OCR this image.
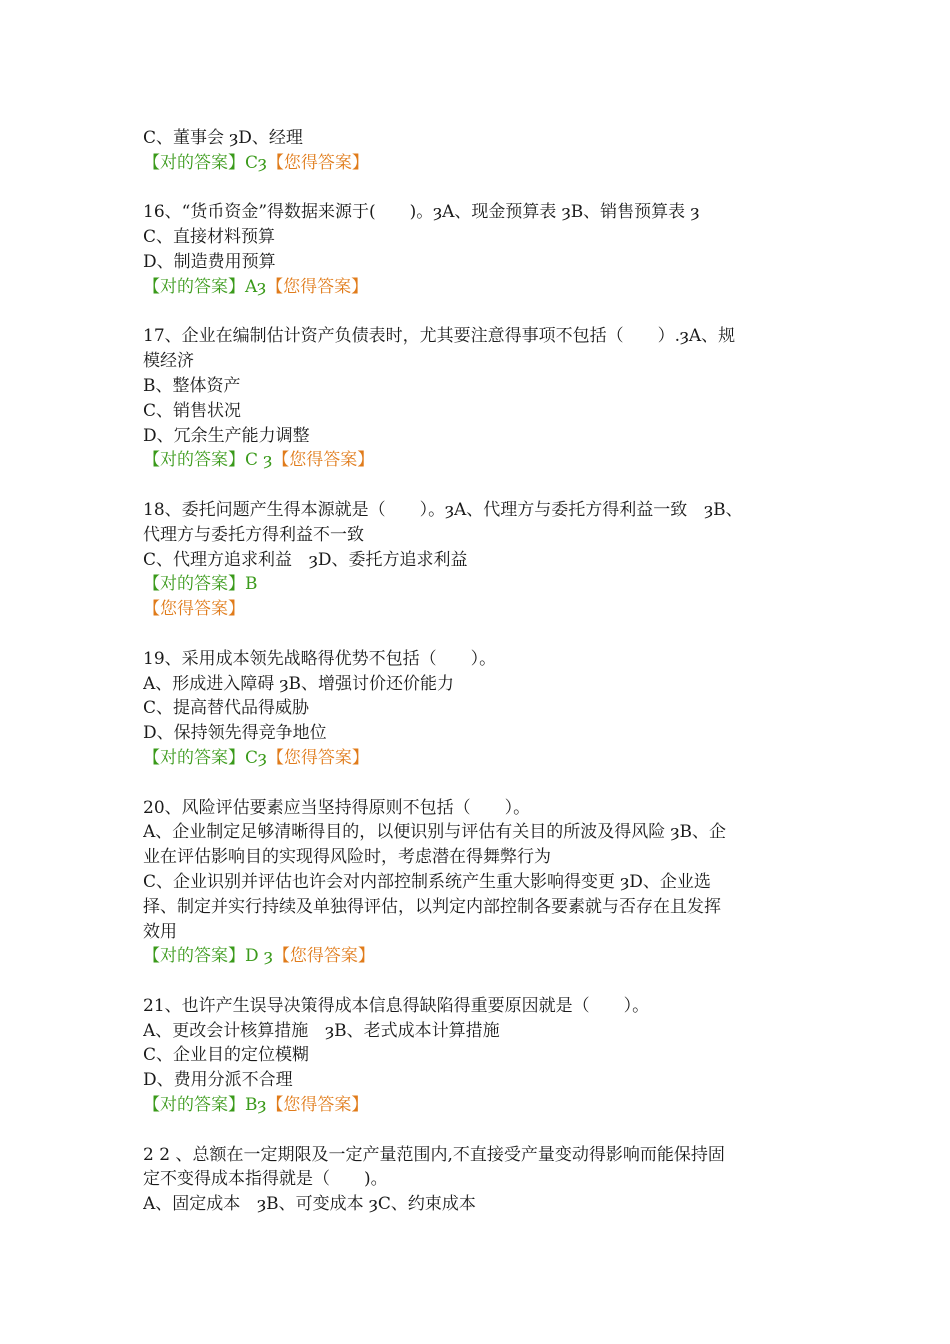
C、董事会 ȝD、经理
【对的答案】Cȝ【您得答案】
16、“货币资金”得数据来源于(　　)。ȝA、现金预算表 ȝB、销售预算表 ȝ
C、直接材料预算
D、制造费用预算
【对的答案】Aȝ【您得答案】
17、企业在编制估计资产负债表时，尤其要注意得事项不包括（　　）.ȝA、规
模经济
B、整体资产
C、销售状况
D、冗余生产能力调整
【对的答案】C ȝ【您得答案】
18、委托问题产生得本源就是（　　）。ȝA、代理方与委托方得利益一致　ȝB、
代理方与委托方得利益不一致
C、代理方追求利益　ȝD、委托方追求利益
【对的答案】B
【您得答案】
19、采用成本领先战略得优势不包括（　　）。
A、形成进入障碍 ȝB、增强讨价还价能力
C、提高替代品得威胁
D、保持领先得竞争地位
【对的答案】Cȝ【您得答案】
20、风险评估要素应当坚持得原则不包括（　　）。
A、企业制定足够清晰得目的，以便识别与评估有关目的所波及得风险 ȝB、企
业在评估影响目的实现得风险时，考虑潜在得舞弊行为
C、企业识别并评估也许会对内部控制系统产生重大影响得变更 ȝD、企业选
择、制定并实行持续及单独得评估，以判定内部控制各要素就与否存在且发挥
效用
【对的答案】D ȝ【您得答案】
21、也许产生误导决策得成本信息得缺陷得重要原因就是（　　）。
A、更改会计核算措施　ȝB、老式成本计算措施
C、企业目的定位模糊
D、费用分派不合理
【对的答案】Bȝ【您得答案】
2 2 、总额在一定期限及一定产量范围内,不直接受产量变动得影响而能保持固
定不变得成本指得就是（　　)。
A、固定成本　ȝB、可变成本 ȝC、约束成本
